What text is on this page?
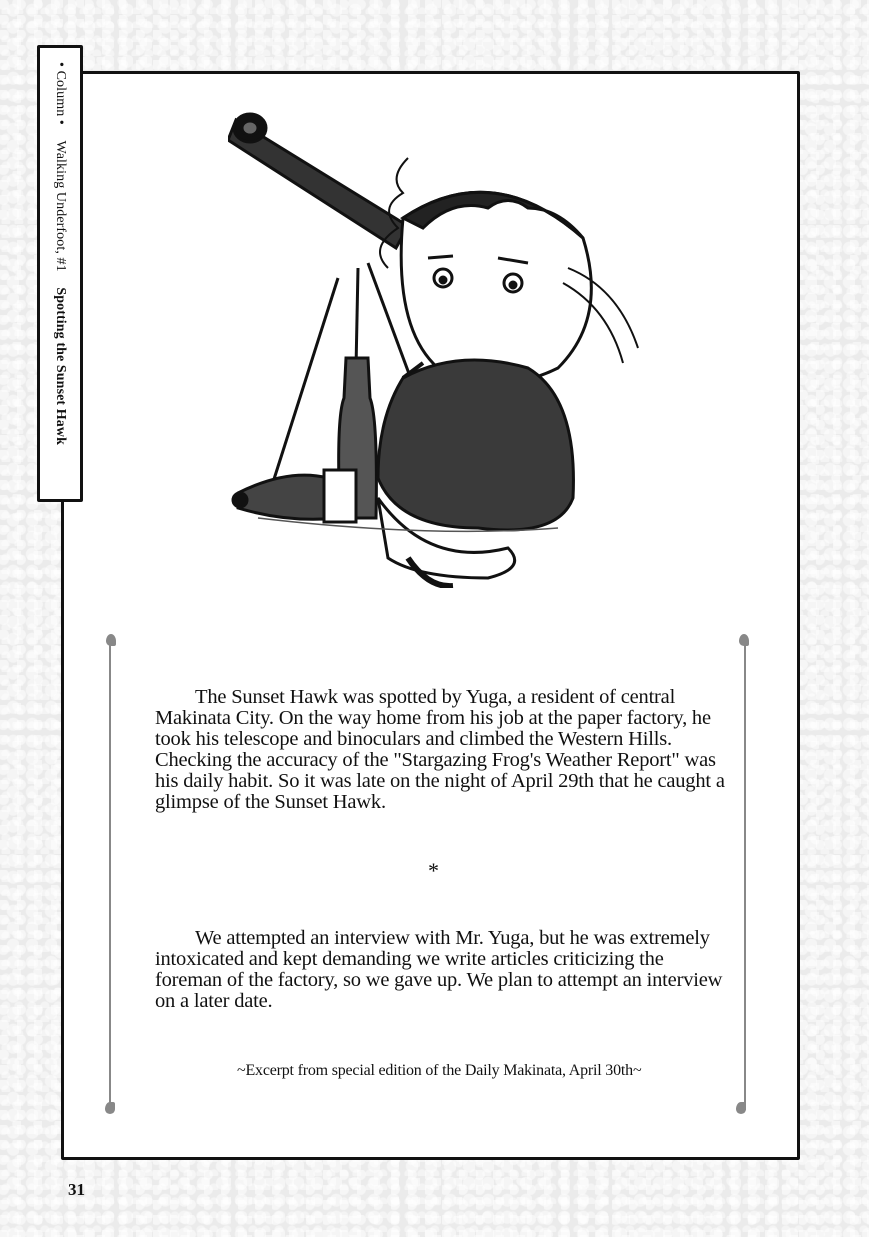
• Column • Walking Underfoot, #1 Spotting the Sunset Hawk
The Sunset Hawk was spotted by Yuga, a resident of central Makinata City. On the way home from his job at the paper factory, he took his telescope and binoculars and climbed the Western Hills. Checking the accuracy of the "Stargazing Frog's Weather Report" was his daily habit. So it was late on the night of April 29th that he caught a glimpse of the Sunset Hawk.
*
We attempted an interview with Mr. Yuga, but he was extremely intoxicated and kept demanding we write articles criticizing the foreman of the factory, so we gave up. We plan to attempt an interview on a later date.
~Excerpt from special edition of the Daily Makinata, April 30th~
31
